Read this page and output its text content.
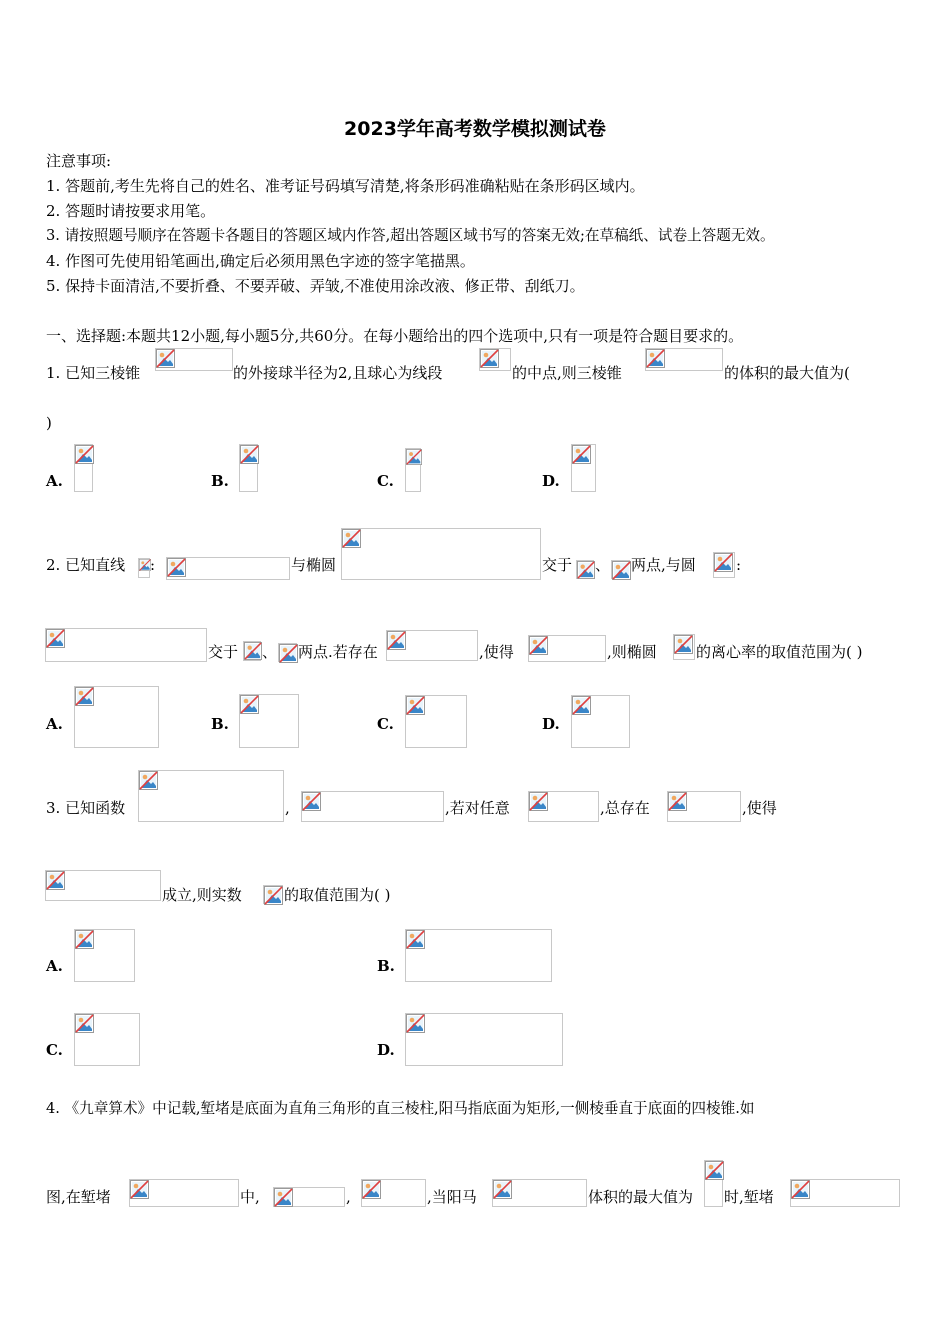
2023学年高考数学模拟测试卷
注意事项:
1. 答题前,考生先将自己的姓名、准考证号码填写清楚,将条形码准确粘贴在条形码区域内。
2. 答题时请按要求用笔。
3. 请按照题号顺序在答题卡各题目的答题区域内作答,超出答题区域书写的答案无效;在草稿纸、试卷上答题无效。
4. 作图可先使用铅笔画出,确定后必须用黑色字迹的签字笔描黑。
5. 保持卡面清洁,不要折叠、不要弄破、弄皱,不准使用涂改液、修正带、刮纸刀。
一、选择题:本题共12小题,每小题5分,共60分。在每小题给出的四个选项中,只有一项是符合题目要求的。
1. 已知三棱锥	的外接球半径为2,且球心为线段	的中点,则三棱锥	的体积的最大值为(
)
A.	B.	C.	D.
2. 已知直线 :	与椭圆	交于 、 两点,与圆	:
交于 、 两点.若存在	,使得	,则椭圆	的离心率的取值范围为( )
A.	B.	C.	D.
3. 已知函数	,	,若对任意	,总存在	,使得
成立,则实数	的取值范围为( )
A.	B.
C.	D.
4. 《九章算术》中记载,堑堵是底面为直角三角形的直三棱柱,阳马指底面为矩形,一侧棱垂直于底面的四棱锥.如
图,在堑堵	中,	,	,当阳马	体积的最大值为 时,堑堵
